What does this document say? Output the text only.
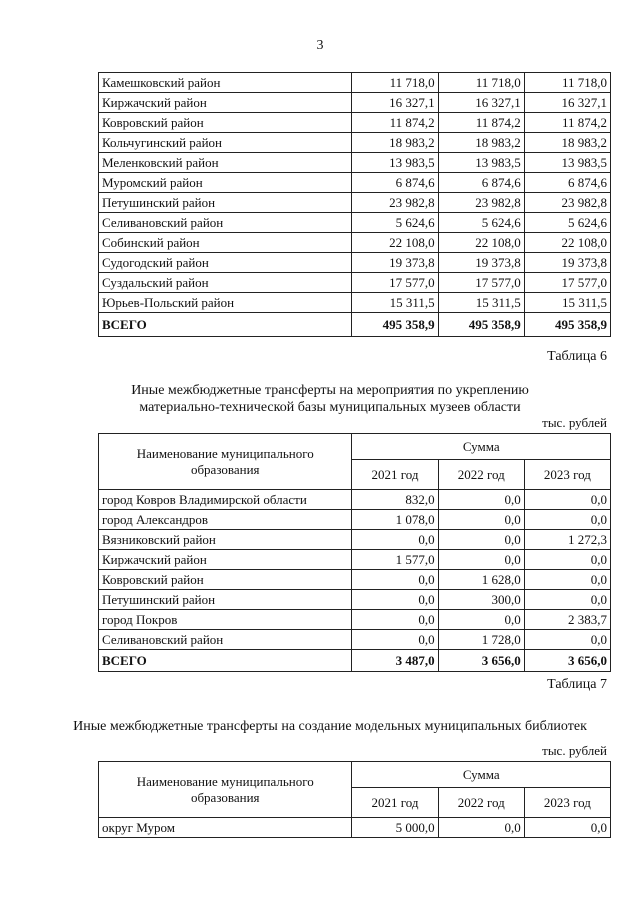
3
Камешковский район	11 718,0	11 718,0	11 718,0
Киржачский район	16 327,1	16 327,1	16 327,1
Ковровский район	11 874,2	11 874,2	11 874,2
Кольчугинский район	18 983,2	18 983,2	18 983,2
Меленковский район	13 983,5	13 983,5	13 983,5
Муромский район	6 874,6	6 874,6	6 874,6
Петушинский район	23 982,8	23 982,8	23 982,8
Селивановский район	5 624,6	5 624,6	5 624,6
Собинский район	22 108,0	22 108,0	22 108,0
Судогодский район	19 373,8	19 373,8	19 373,8
Суздальский район	17 577,0	17 577,0	17 577,0
Юрьев-Польский район	15 311,5	15 311,5	15 311,5
ВСЕГО	495 358,9	495 358,9	495 358,9
Таблица 6
Иные межбюджетные трансферты на мероприятия по укреплению
материально-технической базы муниципальных музеев области
тыс. рублей
Наименование муниципального образования	Сумма		
	2021 год	2022 год	2023 год
город Ковров Владимирской области	832,0	0,0	0,0
город Александров	1 078,0	0,0	0,0
Вязниковский район	0,0	0,0	1 272,3
Киржачский район	1 577,0	0,0	0,0
Ковровский район	0,0	1 628,0	0,0
Петушинский район	0,0	300,0	0,0
город Покров	0,0	0,0	2 383,7
Селивановский район	0,0	1 728,0	0,0
ВСЕГО	3 487,0	3 656,0	3 656,0
Таблица 7
Иные межбюджетные трансферты на создание модельных муниципальных библиотек
тыс. рублей
Наименование муниципального образования	Сумма		
	2021 год	2022 год	2023 год
округ Муром	5 000,0	0,0	0,0
